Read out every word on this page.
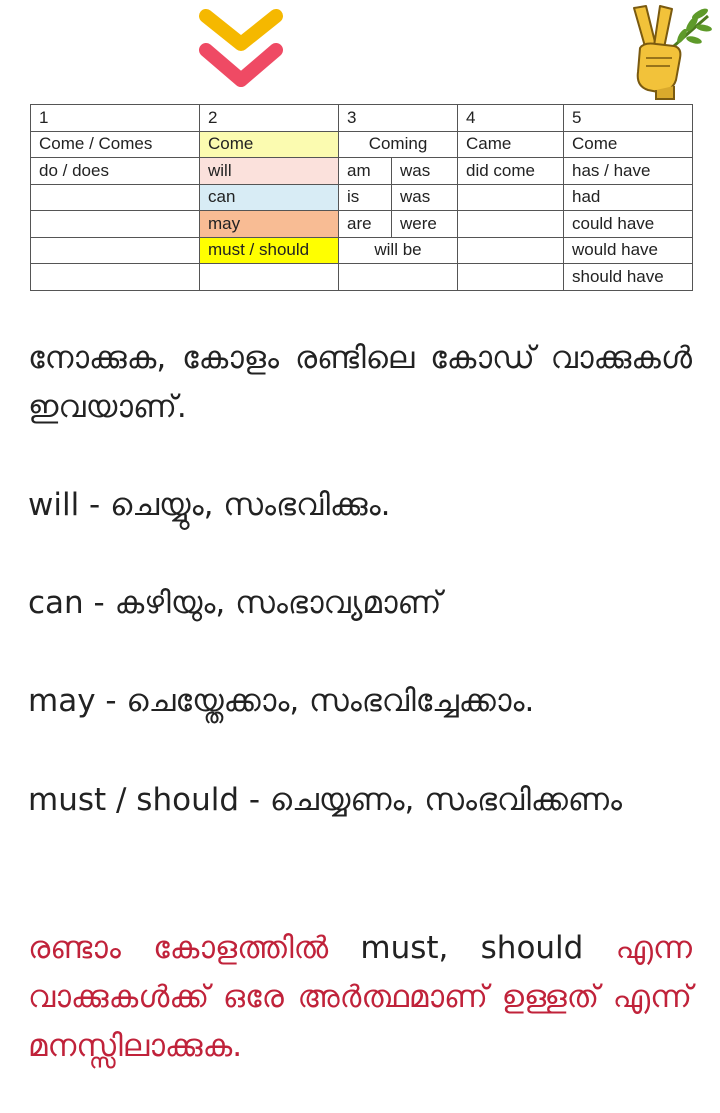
1	2	3		4	5
Come / Comes	Come	Coming		Came	Come
do / does	will	am	was	did come	has / have
	can	is	was		had
	may	are	were		could have
	must / should	will be			would have
					should have

നോക്കുക, കോളം രണ്ടിലെ കോഡ് വാക്കുകൾ ഇവയാണ്.

will - ചെയ്യും, സംഭവിക്കും.

can - കഴിയും, സംഭാവ്യമാണ്

may - ചെയ്തേക്കാം, സംഭവിച്ചേക്കാം.

must / should - ചെയ്യണം, സംഭവിക്കണം

രണ്ടാം കോളത്തിൽ must, should എന്ന വാക്കുകൾക്ക് ഒരേ അർത്ഥമാണ് ഉള്ളത് എന്ന് മനസ്സിലാക്കുക.
